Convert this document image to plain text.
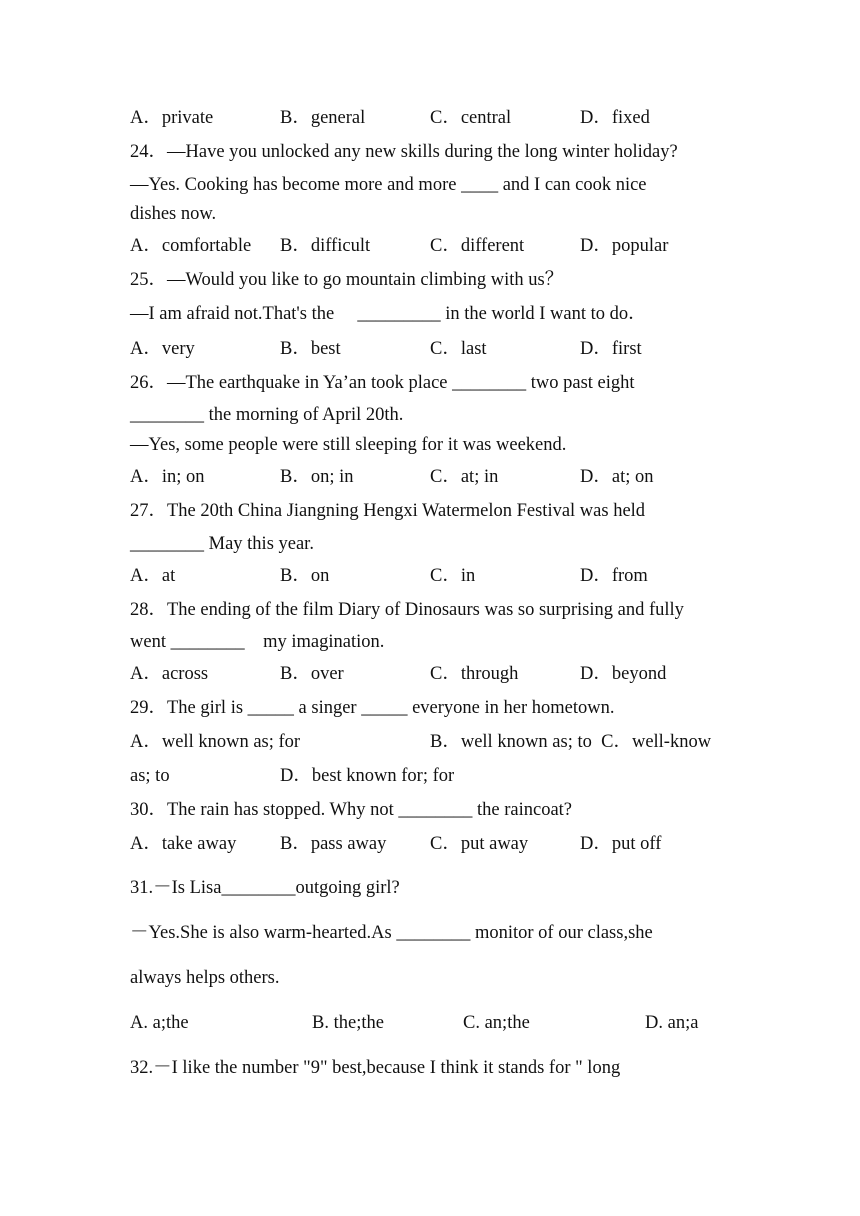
A．private	B．general	C．central	D．fixed
24．—Have you unlocked any new skills during the long winter holiday?
—Yes. Cooking has become more and more ____ and I can cook nice
dishes now.
A．comfortable B．difficult	C．different	D．popular
25．—Would you like to go mountain climbing with us？
—I am afraid not.That's the     _________ in the world I want to do．
A．very	B．best	C．last	D．first
26．—The earthquake in Ya’an took place ________ two past eight
________ the morning of April 20th.
—Yes, some people were still sleeping for it was weekend.
A．in; on	B．on; in	C．at; in	D．at; on
27．The 20th China Jiangning Hengxi Watermelon Festival was held
________ May this year.
A．at	B．on	C．in	D．from
28．The ending of the film Diary of Dinosaurs was so surprising and fully
went ________    my imagination.
A．across	B．over	C．through	D．beyond
29．The girl is _____ a singer _____ everyone in her hometown.
A．well known as; for	B．well known as; to  C．well-know
as; to	D．best known for; for
30．The rain has stopped. Why not ________ the raincoat?
A．take away B．pass away C．put away	D．put off
31.－Is Lisa________outgoing girl?
－Yes.She is also warm-hearted.As ________ monitor of our class,she
always helps others.
A. a;the	B. the;the	C. an;the	D. an;a
32.－I like the number "9" best,because I think it stands for " long
